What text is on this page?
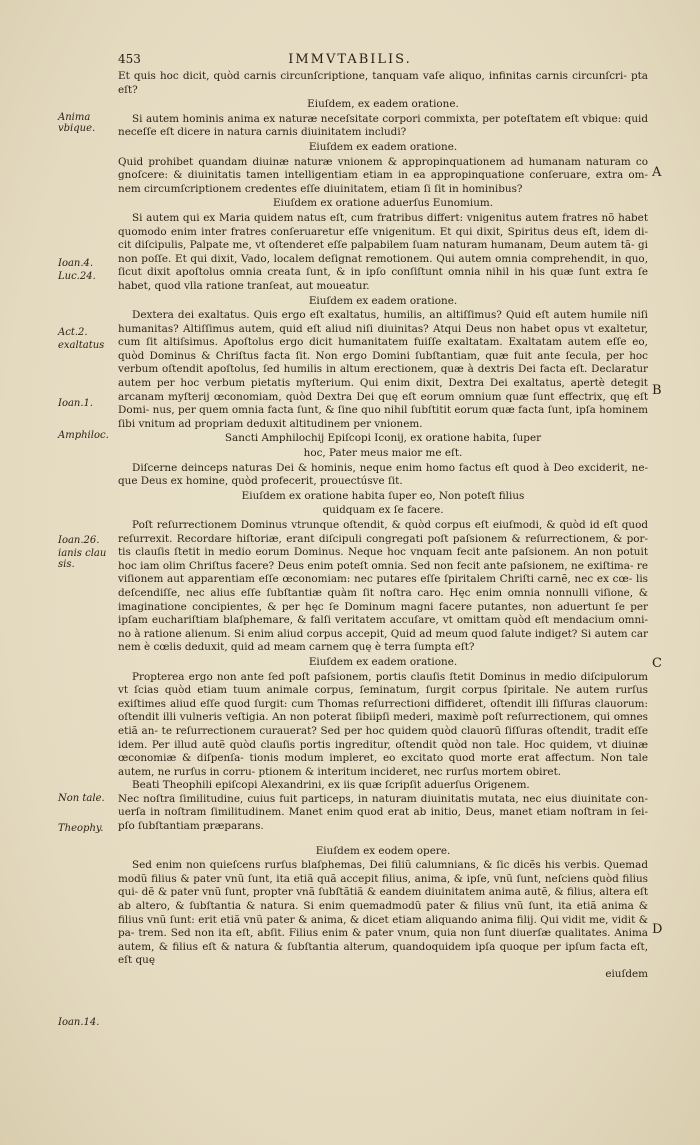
453	IMMVTABILIS.
Anima vbique.
Ioan.4.
Luc.24.
Act.2.
exaltatus
Ioan.1.
Amphiloc.
Ioan.26.
ianis clau sis.
Non tale.
Theophy.
Ioan.14.
A
B
C
D

Et quis hoc dicit, quòd carnis circunſcriptione, tanquam vaſe aliquo, infinitas carnis circunſcri- pta eſt?

Eiuſdem, ex eadem oratione.

Si autem hominis anima ex naturæ neceſsitate corpori commixta, per poteſtatem eſt vbique: quid neceſſe eſt dicere in natura carnis diuinitatem includi?

Eiuſdem ex eadem oratione.

Quid prohibet quandam diuinæ naturæ vnionem & appropinquationem ad humanam naturam co gnoſcere: & diuinitatis tamen intelligentiam etiam in ea appropinquatione conſeruare, extra om- nem circumſcriptionem credentes eſſe diuinitatem, etiam ſi ſit in hominibus?

Eiuſdem ex oratione aduerſus Eunomium.

Si autem qui ex Maria quidem natus eſt, cum fratribus differt: vnigenitus autem fratres nõ habet quomodo enim inter fratres conſeruaretur eſſe vnigenitum. Et qui dixit, Spiritus deus eſt, idem di- cit diſcipulis, Palpate me, vt oſtenderet eſſe palpabilem ſuam naturam humanam, Deum autem tã- gi non poſſe. Et qui dixit, Vado, localem deſignat remotionem. Qui autem omnia comprehendit, in quo, ſicut dixit apoſtolus omnia creata ſunt, & in ipſo conſiſtunt omnia nihil in his quæ ſunt extra ſe habet, quod vlla ratione tranſeat, aut moueatur.

Eiuſdem ex eadem oratione.

Dextera dei exaltatus. Quis ergo eſt exaltatus, humilis, an altiſſimus? Quid eſt autem humile niſi humanitas? Altiſſimus autem, quid eſt aliud niſi diuinitas? Atqui Deus non habet opus vt exaltetur, cum ſit altiſsimus. Apoſtolus ergo dicit humanitatem fuiſſe exaltatam. Exaltatam autem eſſe eo, quòd Dominus & Chriſtus facta ſit. Non ergo Domini ſubſtantiam, quæ fuit ante ſecula, per hoc verbum oſtendit apoſtolus, ſed humilis in altum erectionem, quæ à dextris Dei facta eſt. Declaratur autem per hoc verbum pietatis myſterium. Qui enim dixit, Dextra Dei exaltatus, apertè detegit arcanam myſterij œconomiam, quòd Dextra Dei quę eſt eorum omnium quæ ſunt effectrix, quę eſt Domi- nus, per quem omnia facta ſunt, & ſine quo nihil ſubſtitit eorum quæ facta ſunt, ipſa hominem ſibi vnitum ad propriam deduxit altitudinem per vnionem.

Sancti Amphilochij Epiſcopi Iconij, ex oratione habita, ſuper
hoc, Pater meus maior me eſt.

Diſcerne deinceps naturas Dei & hominis, neque enim homo factus eſt quod à Deo exciderit, ne- que Deus ex homine, quòd profecerit, prouectúsve ſit.

Eiuſdem ex oratione habita ſuper eo, Non poteſt filius
quidquam ex ſe facere.

Poſt reſurrectionem Dominus vtrunque oſtendit, & quòd corpus eſt eiuſmodi, & quòd id eſt quod reſurrexit. Recordare hiſtoriæ, erant diſcipuli congregati poſt paſsionem & reſurrectionem, & por- tis clauſis ſtetit in medio eorum Dominus. Neque hoc vnquam fecit ante paſsionem. An non potuit hoc iam olim Chriſtus facere? Deus enim poteſt omnia. Sed non fecit ante paſsionem, ne exiſtima- re viſionem aut apparentiam eſſe œconomiam: nec putares eſſe ſpiritalem Chriſti carnẽ, nec ex cœ- lis deſcendiſſe, nec alius eſſe ſubſtantiæ quàm ſit noſtra caro. Hęc enim omnia nonnulli viſione, & imaginatione concipientes, & per hęc ſe Dominum magni facere putantes, non aduertunt ſe per ipſam euchariſtiam blaſphemare, & falſi veritatem accuſare, vt omittam quòd eſt mendacium omni- no à ratione alienum. Si enim aliud corpus accepit, Quid ad meum quod ſalute indiget? Si autem car nem è cœlis deduxit, quid ad meam carnem quę è terra ſumpta eſt?

Eiuſdem ex eadem oratione.

Propterea ergo non ante ſed poſt paſsionem, portis clauſis ſtetit Dominus in medio diſcipulorum vt ſcias quòd etiam tuum animale corpus, ſeminatum, ſurgit corpus ſpiritale. Ne autem rurſus exiſtimes aliud eſſe quod ſurgit: cum Thomas reſurrectioni diffideret, oſtendit illi ſiſſuras clauorum: oſtendit illi vulneris veſtigia. An non poterat ſibiipſi mederi, maximè poſt reſurrectionem, qui omnes etiã an- te reſurrectionem curauerat? Sed per hoc quidem quòd clauorũ ſiſſuras oſtendit, tradit eſſe idem. Per illud autẽ quòd clauſis portis ingreditur, oſtendit quòd non tale. Hoc quidem, vt diuinæ œconomiæ & diſpenſa- tionis modum impleret, eo excitato quod morte erat affectum. Non tale autem, ne rurſus in corru- ptionem & interitum incideret, nec rurſus mortem obiret.

Beati Theophili epiſcopi Alexandrini, ex iis quæ ſcripſit aduerſus Origenem.

Nec noſtra ſimilitudine, cuius fuit particeps, in naturam diuinitatis mutata, nec eius diuinitate con- uerſa in noſtram ſimilitudinem. Manet enim quod erat ab initio, Deus, manet etiam noſtram in ſei- pſo ſubſtantiam præparans.

Eiuſdem ex eodem opere.

Sed enim non quieſcens rurſus blaſphemas, Dei filiũ calumnians, & ſic dicẽs his verbis. Quemad modũ filius & pater vnũ ſunt, ita etiã quã accepit filius, anima, & ipſe, vnũ ſunt, neſciens quòd filius qui- dẽ & pater vnũ ſunt, propter vnã ſubſtãtiã & eandem diuinitatem anima autẽ, & filius, altera eſt ab altero, & ſubſtantia & natura. Si enim quemadmodũ pater & filius vnũ ſunt, ita etiã anima & filius vnũ ſunt: erit etiã vnũ pater & anima, & dicet etiam aliquando anima filij. Qui vidit me, vidit & pa- trem. Sed non ita eſt, abſit. Filius enim & pater vnum, quia non ſunt diuerſæ qualitates. Anima autem, & filius eſt & natura & ſubſtantia alterum, quandoquidem ipſa quoque per ipſum facta eſt, eſt quę

eiuſdem
